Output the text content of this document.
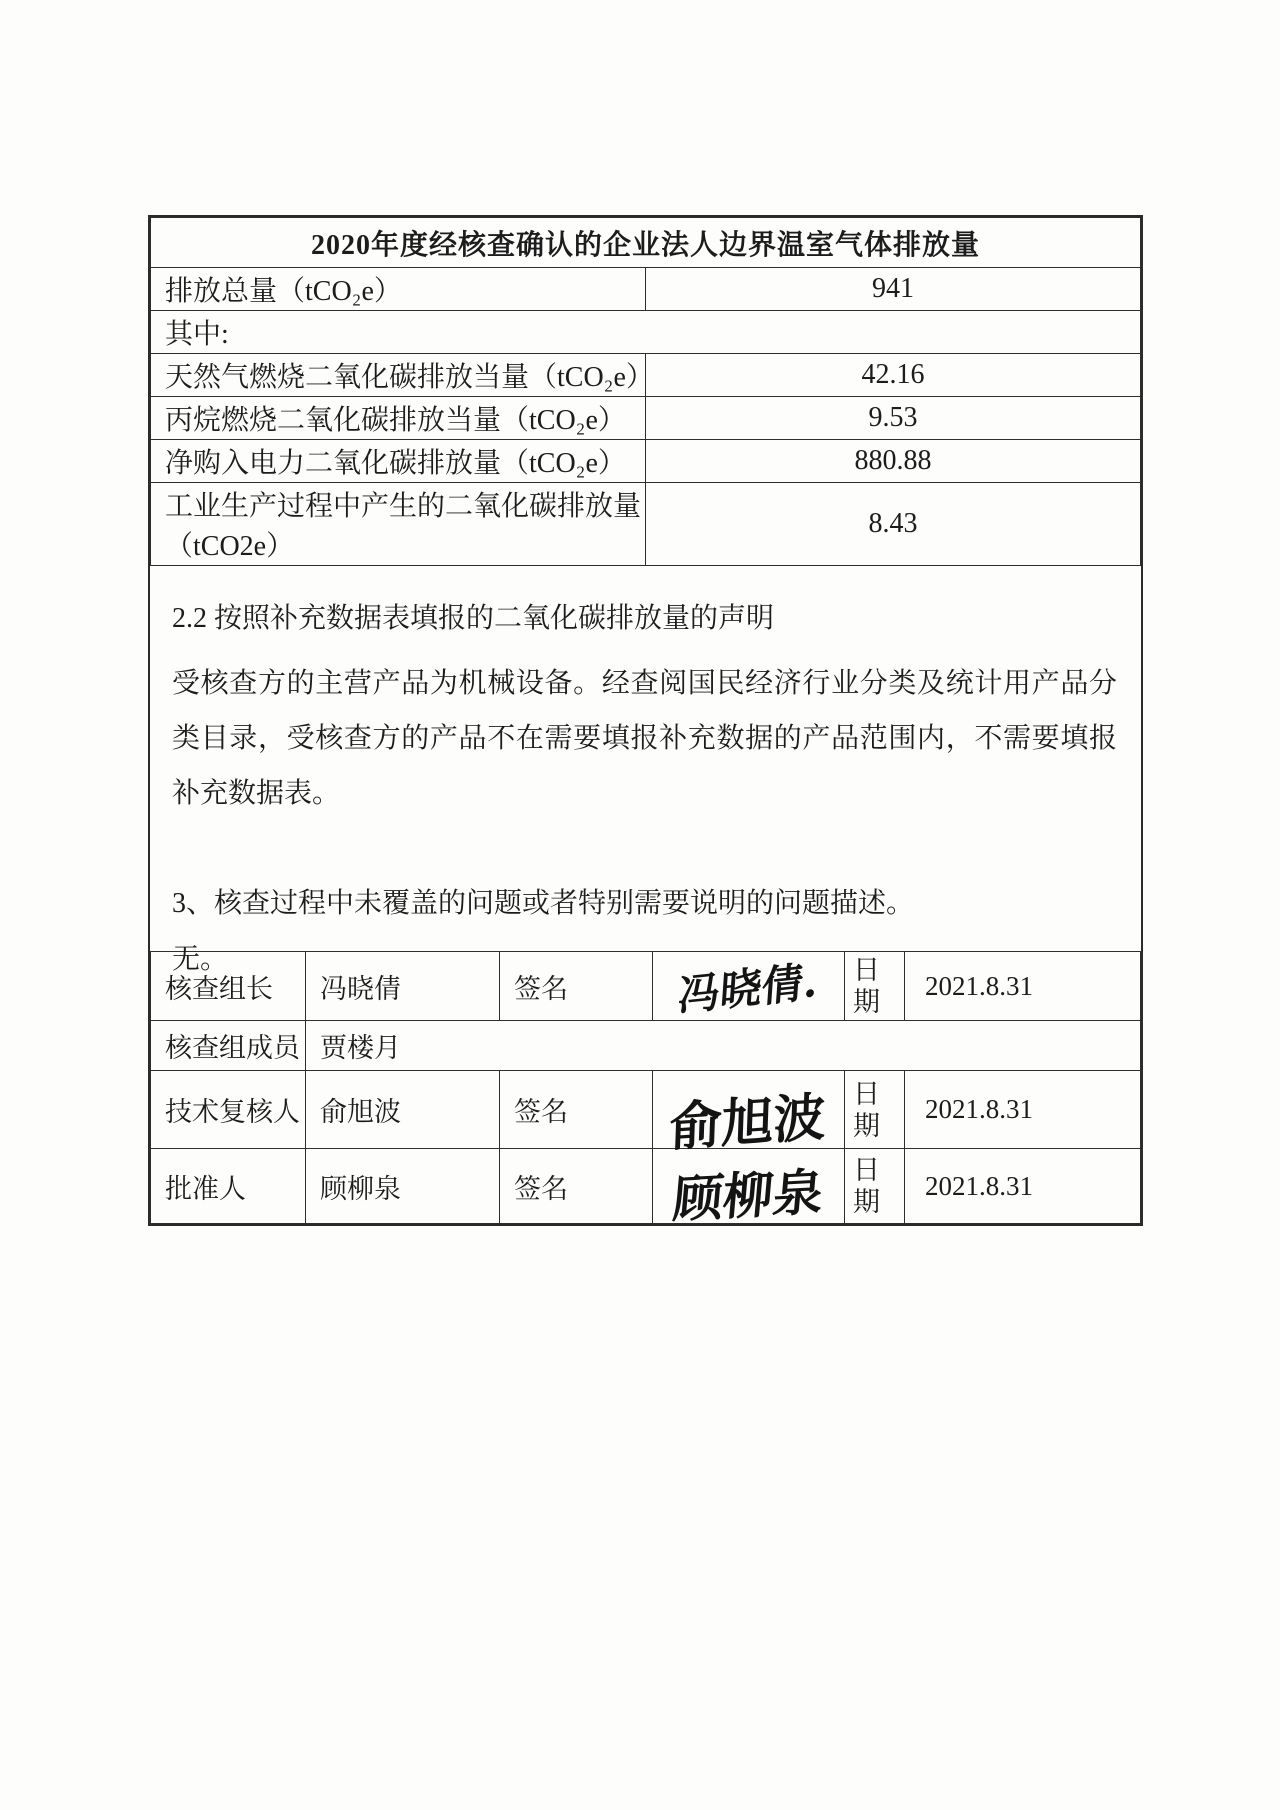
2020年度经核查确认的企业法人边界温室气体排放量	
排放总量（tCO₂e）	941
其中:	
天然气燃烧二氧化碳排放当量（tCO₂e）	42.16
丙烷燃烧二氧化碳排放当量（tCO₂e）	9.53
净购入电力二氧化碳排放量（tCO₂e）	880.88
工业生产过程中产生的二氧化碳排放量（tCO2e）	8.43

2.2 按照补充数据表填报的二氧化碳排放量的声明

受核查方的主营产品为机械设备。经查阅国民经济行业分类及统计用产品分类目录，受核查方的产品不在需要填报补充数据的产品范围内，不需要填报补充数据表。

3、核查过程中未覆盖的问题或者特别需要说明的问题描述。

无。

核查组长	冯晓倩	签名	冯晓倩.	日期	2021.8.31
核查组成员	贾楼月				
技术复核人	俞旭波	签名	俞旭波	日期	2021.8.31
批准人	顾柳泉	签名	顾柳泉	日期	2021.8.31
